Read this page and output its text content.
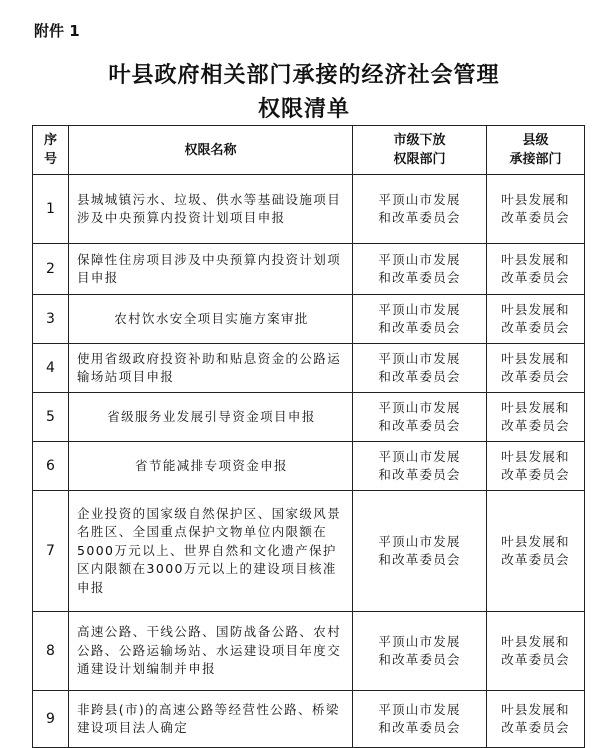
附件 1
叶县政府相关部门承接的经济社会管理
权限清单
序
号	权限名称	市级下放
权限部门	县级
承接部门

1	县城城镇污水、垃圾、供水等基础设施项目涉及中央预算内投资计划项目申报	平顶山市发展
和改革委员会	叶县发展和
改革委员会

2	保障性住房项目涉及中央预算内投资计划项目申报	平顶山市发展
和改革委员会	叶县发展和
改革委员会

3	农村饮水安全项目实施方案审批	平顶山市发展
和改革委员会	叶县发展和
改革委员会

4	使用省级政府投资补助和贴息资金的公路运输场站项目申报	平顶山市发展
和改革委员会	叶县发展和
改革委员会

5	省级服务业发展引导资金项目申报	平顶山市发展
和改革委员会	叶县发展和
改革委员会

6	省节能减排专项资金申报	平顶山市发展
和改革委员会	叶县发展和
改革委员会

7	企业投资的国家级自然保护区、国家级风景名胜区、全国重点保护文物单位内限额在5000万元以上、世界自然和文化遗产保护区内限额在3000万元以上的建设项目核准申报	平顶山市发展
和改革委员会	叶县发展和
改革委员会

8	高速公路、干线公路、国防战备公路、农村公路、公路运输场站、水运建设项目年度交通建设计划编制并申报	平顶山市发展
和改革委员会	叶县发展和
改革委员会

9	非跨县(市)的高速公路等经营性公路、桥梁建设项目法人确定	平顶山市发展
和改革委员会	叶县发展和
改革委员会
